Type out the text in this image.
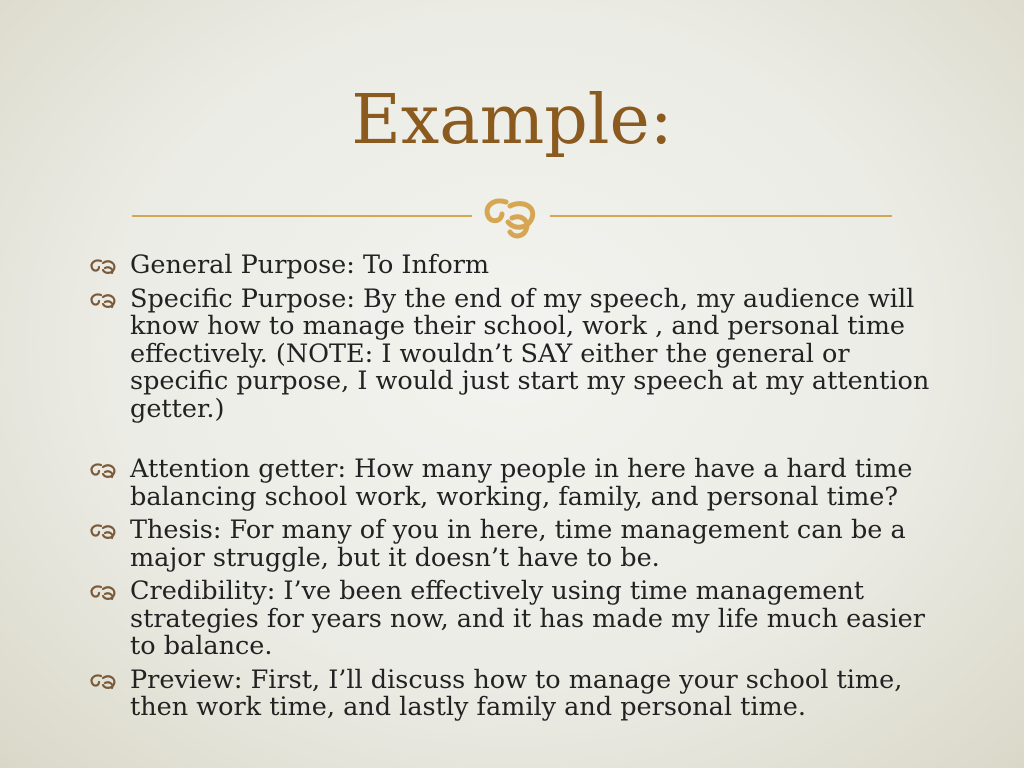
Example:
General Purpose: To Inform
Specific Purpose: By the end of my speech, my audience will know how to manage their school, work , and personal time effectively. (NOTE: I wouldn’t SAY either the general or specific purpose, I would just start my speech at my attention getter.)
Attention getter: How many people in here have a hard time balancing school work, working, family, and personal time?
Thesis: For many of you in here, time management can be a major struggle, but it doesn’t have to be.
Credibility: I’ve been effectively using time management strategies for years now, and it has made my life much easier to balance.
Preview: First, I’ll discuss how to manage your school time, then work time, and lastly family and personal time.
